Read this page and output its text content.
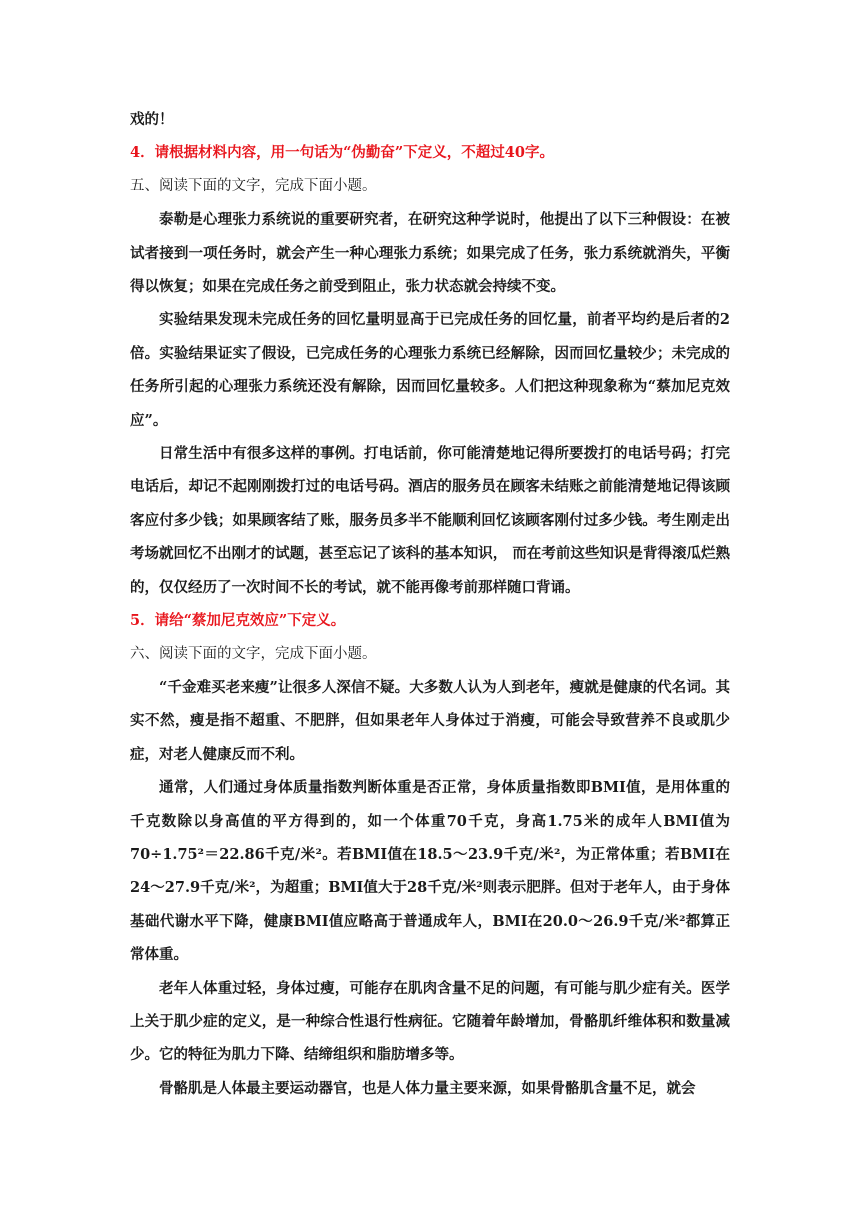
戏的！

4．请根据材料内容，用一句话为“伪勤奋”下定义，不超过40字。

五、阅读下面的文字，完成下面小题。

泰勒是心理张力系统说的重要研究者，在研究这种学说时，他提出了以下三种假设：在被试者接到一项任务时，就会产生一种心理张力系统；如果完成了任务，张力系统就消失，平衡得以恢复；如果在完成任务之前受到阻止，张力状态就会持续不变。

实验结果发现未完成任务的回忆量明显高于已完成任务的回忆量，前者平均约是后者的2倍。实验结果证实了假设，已完成任务的心理张力系统已经解除，因而回忆量较少；未完成的任务所引起的心理张力系统还没有解除，因而回忆量较多。人们把这种现象称为“蔡加尼克效应”。

日常生活中有很多这样的事例。打电话前，你可能清楚地记得所要拨打的电话号码；打完电话后，却记不起刚刚拨打过的电话号码。酒店的服务员在顾客未结账之前能清楚地记得该顾客应付多少钱；如果顾客结了账，服务员多半不能顺利回忆该顾客刚付过多少钱。考生刚走出考场就回忆不出刚才的试题，甚至忘记了该科的基本知识， 而在考前这些知识是背得滚瓜烂熟的，仅仅经历了一次时间不长的考试，就不能再像考前那样随口背诵。

5．请给“蔡加尼克效应”下定义。

六、阅读下面的文字，完成下面小题。

“千金难买老来瘦”让很多人深信不疑。大多数人认为人到老年，瘦就是健康的代名词。其实不然，瘦是指不超重、不肥胖，但如果老年人身体过于消瘦，可能会导致营养不良或肌少症，对老人健康反而不利。

通常，人们通过身体质量指数判断体重是否正常，身体质量指数即BMI值，是用体重的千克数除以身高值的平方得到的，如一个体重70千克，身高1.75米的成年人BMI值为70÷1.75²＝22.86千克/米²。若BMI值在18.5～23.9千克/米²，为正常体重；若BMI在24～27.9千克/米²，为超重；BMI值大于28千克/米²则表示肥胖。但对于老年人，由于身体基础代谢水平下降，健康BMI值应略高于普通成年人，BMI在20.0～26.9千克/米²都算正常体重。

老年人体重过轻，身体过瘦，可能存在肌肉含量不足的问题，有可能与肌少症有关。医学上关于肌少症的定义，是一种综合性退行性病征。它随着年龄增加，骨骼肌纤维体积和数量减少。它的特征为肌力下降、结缔组织和脂肪增多等。

骨骼肌是人体最主要运动器官，也是人体力量主要来源，如果骨骼肌含量不足，就会
